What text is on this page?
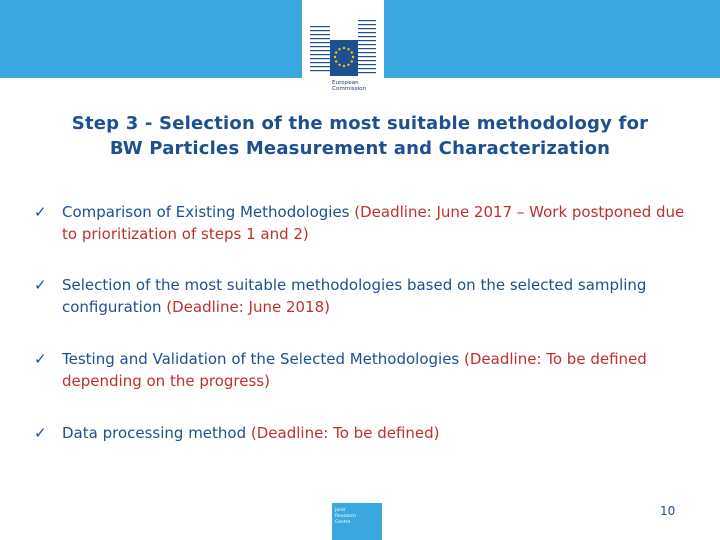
European
Commission
Step 3 - Selection of the most suitable methodology for
BW Particles Measurement and Characterization
✓ Comparison of Existing Methodologies (Deadline: June 2017 – Work postponed due to prioritization of steps 1 and 2)
✓ Selection of the most suitable methodologies based on the selected sampling configuration (Deadline: June 2018)
✓ Testing and Validation of the Selected Methodologies (Deadline: To be defined depending on the progress)
✓ Data processing method (Deadline: To be defined)
Joint
Research
Centre
10
